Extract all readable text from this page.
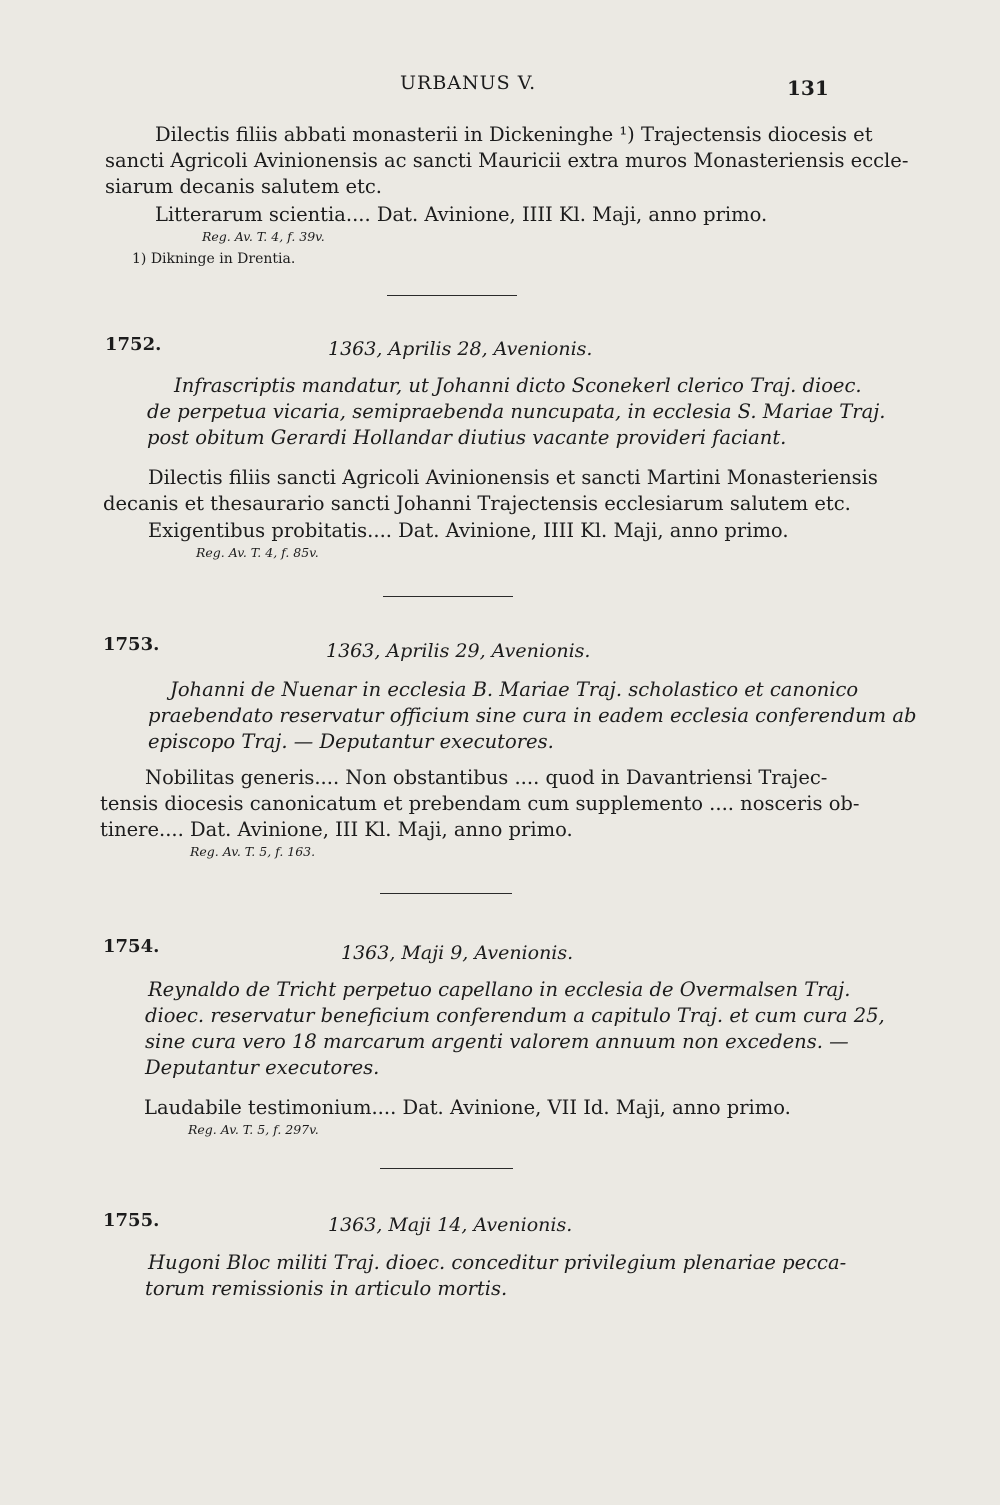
URBANUS V.	131
Dilectis filiis abbati monasterii in Dickeninghe ¹) Trajectensis diocesis et
sancti Agricoli Avinionensis ac sancti Mauricii extra muros Monasteriensis eccle-
siarum decanis salutem etc.
Litterarum scientia.... Dat. Avinione, IIII Kl. Maji, anno primo.
Reg. Av. T. 4, f. 39v.
1) Dikninge in Drentia.
1752.	1363, Aprilis 28, Avenionis.
Infrascriptis mandatur, ut Johanni dicto Sconekerl clerico Traj. dioec.
de perpetua vicaria, semipraebenda nuncupata, in ecclesia S. Mariae Traj.
post obitum Gerardi Hollandar diutius vacante provideri faciant.
Dilectis filiis sancti Agricoli Avinionensis et sancti Martini Monasteriensis
decanis et thesaurario sancti Johanni Trajectensis ecclesiarum salutem etc.
Exigentibus probitatis.... Dat. Avinione, IIII Kl. Maji, anno primo.
Reg. Av. T. 4, f. 85v.
1753.	1363, Aprilis 29, Avenionis.
Johanni de Nuenar in ecclesia B. Mariae Traj. scholastico et canonico
praebendato reservatur officium sine cura in eadem ecclesia conferendum ab
episcopo Traj. — Deputantur executores.
Nobilitas generis.... Non obstantibus .... quod in Davantriensi Trajec-
tensis diocesis canonicatum et prebendam cum supplemento .... nosceris ob-
tinere.... Dat. Avinione, III Kl. Maji, anno primo.
Reg. Av. T. 5, f. 163.
1754.	1363, Maji 9, Avenionis.
Reynaldo de Tricht perpetuo capellano in ecclesia de Overmalsen Traj.
dioec. reservatur beneficium conferendum a capitulo Traj. et cum cura 25,
sine cura vero 18 marcarum argenti valorem annuum non excedens. —
Deputantur executores.
Laudabile testimonium.... Dat. Avinione, VII Id. Maji, anno primo.
Reg. Av. T. 5, f. 297v.
1755.	1363, Maji 14, Avenionis.
Hugoni Bloc militi Traj. dioec. conceditur privilegium plenariae pecca-
torum remissionis in articulo mortis.
